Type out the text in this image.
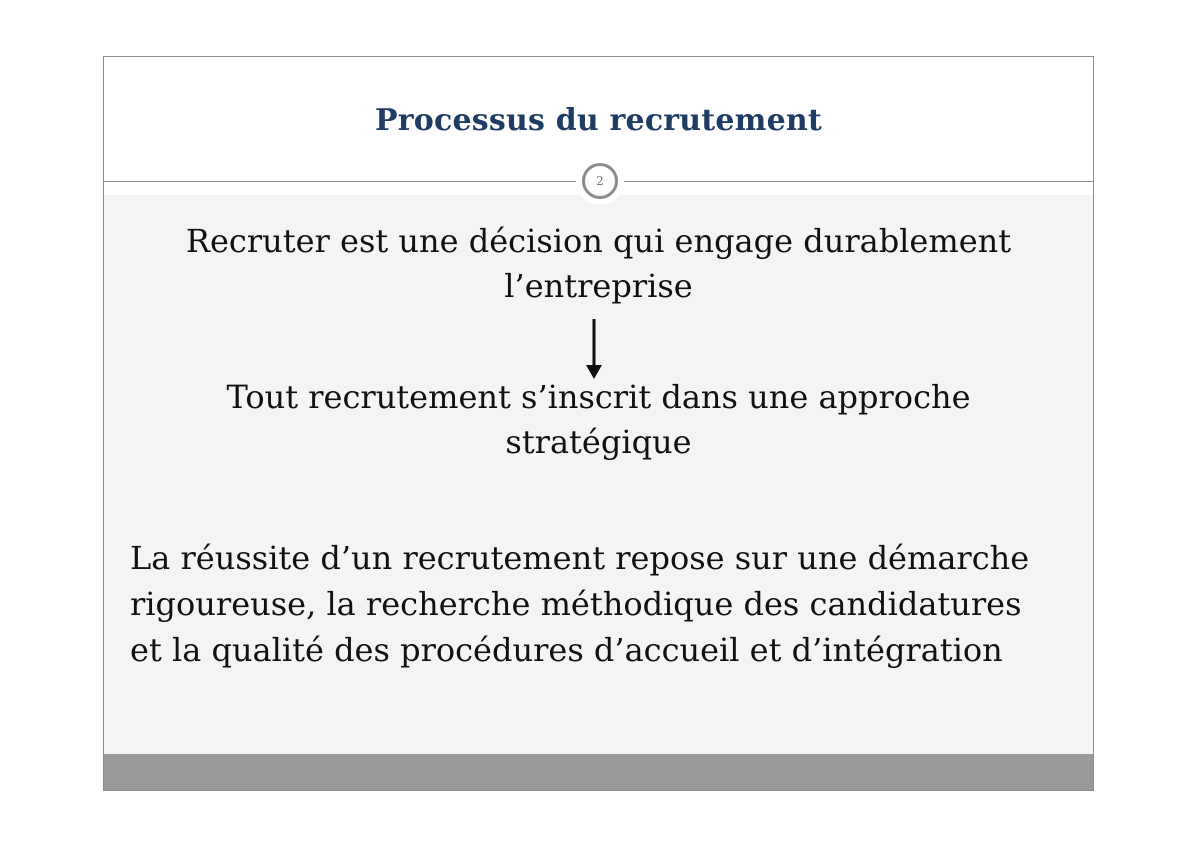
Processus du recrutement
2
Recruter est une décision qui engage durablement
l’entreprise
Tout recrutement s’inscrit dans une approche
stratégique
La réussite d’un recrutement repose sur une démarche
rigoureuse, la recherche méthodique des candidatures
et la qualité des procédures d’accueil et d’intégration
